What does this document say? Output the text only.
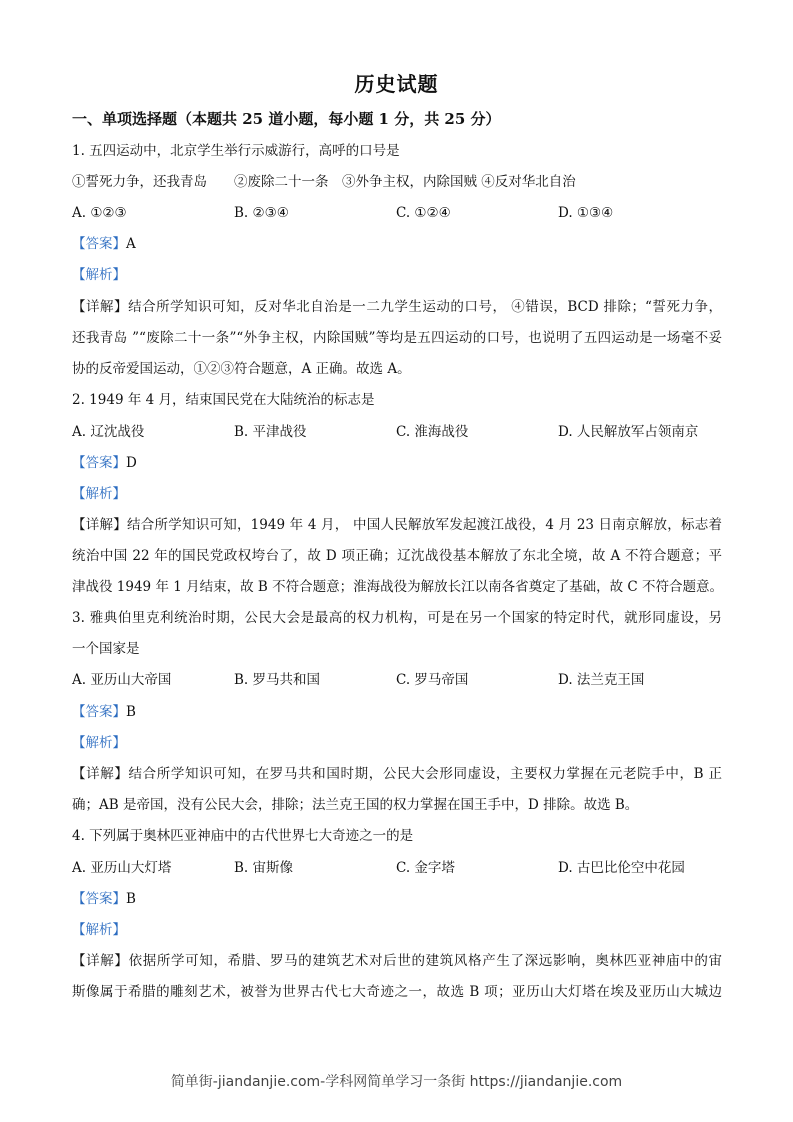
历史试题
一、单项选择题（本题共 25 道小题，每小题 1 分，共 25 分）
1. 五四运动中，北京学生举行示威游行，高呼的口号是
①誓死力争，还我青岛　　②废除二十一条　③外争主权，内除国贼 ④反对华北自治
A. ①②③	B. ②③④	C. ①②④	D. ①③④
【答案】A
【解析】
【详解】结合所学知识可知，反对华北自治是一二九学生运动的口号， ④错误，BCD 排除；“誓死力争，
还我青岛 ”“废除二十一条”“外争主权，内除国贼”等均是五四运动的口号，也说明了五四运动是一场毫不妥
协的反帝爱国运动，①②③符合题意，A 正确。故选 A。
2. 1949 年 4 月，结束国民党在大陆统治的标志是
A. 辽沈战役	B. 平津战役	C. 淮海战役	D. 人民解放军占领南京
【答案】D
【解析】
【详解】结合所学知识可知，1949 年 4 月， 中国人民解放军发起渡江战役，4 月 23 日南京解放，标志着
统治中国 22 年的国民党政权垮台了，故 D 项正确；辽沈战役基本解放了东北全境，故 A 不符合题意；平
津战役 1949 年 1 月结束，故 B 不符合题意；淮海战役为解放长江以南各省奠定了基础，故 C 不符合题意。
3. 雅典伯里克利统治时期，公民大会是最高的权力机构，可是在另一个国家的特定时代，就形同虚设，另
一个国家是
A. 亚历山大帝国	B. 罗马共和国	C. 罗马帝国	D. 法兰克王国
【答案】B
【解析】
【详解】结合所学知识可知，在罗马共和国时期，公民大会形同虚设，主要权力掌握在元老院手中，B 正
确；AB 是帝国，没有公民大会，排除；法兰克王国的权力掌握在国王手中，D 排除。故选 B。
4. 下列属于奥林匹亚神庙中的古代世界七大奇迹之一的是
A. 亚历山大灯塔	B. 宙斯像	C. 金字塔	D. 古巴比伦空中花园
【答案】B
【解析】
【详解】依据所学可知，希腊、罗马的建筑艺术对后世的建筑风格产生了深远影响，奥林匹亚神庙中的宙
斯像属于希腊的雕刻艺术，被誉为世界古代七大奇迹之一，故选 B 项；亚历山大灯塔在埃及亚历山大城边
简单街-jiandanjie.com-学科网简单学习一条街 https://jiandanjie.com
